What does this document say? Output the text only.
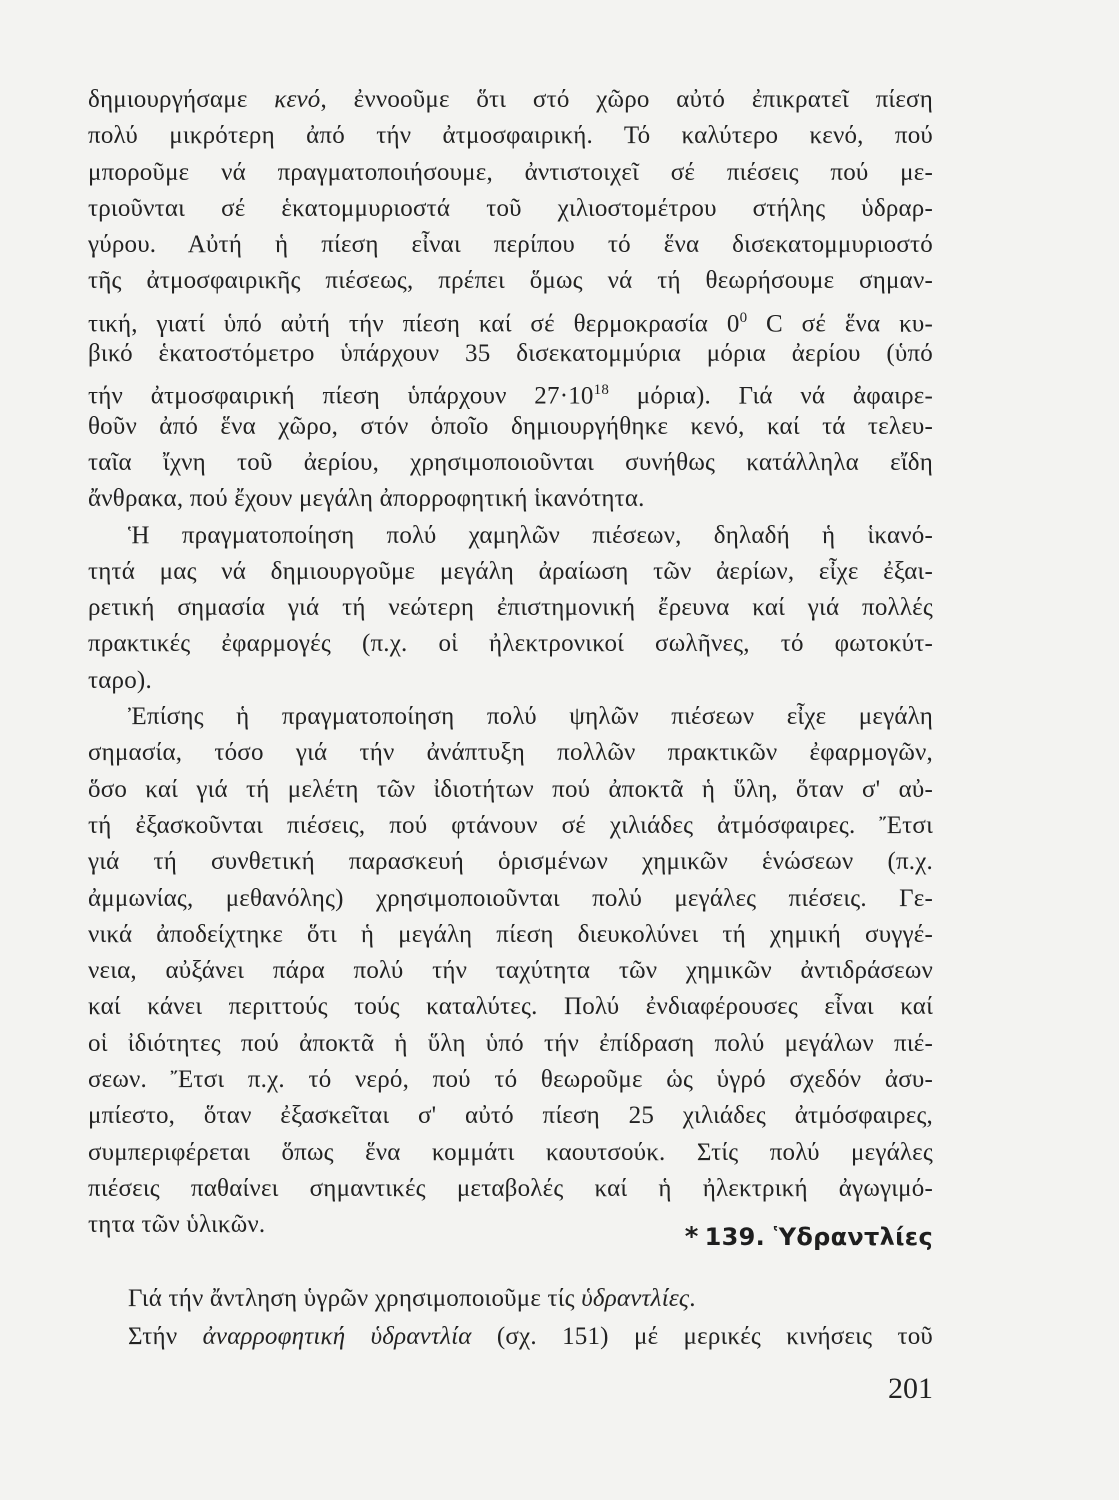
δημιουργήσαμε κενό, ἐννοοῦμε ὅτι στό χῶρο αὐτό ἐπικρατεῖ πίεση
πολύ μικρότερη ἀπό τήν ἀτμοσφαιρική. Τό καλύτερο κενό, πού
μποροῦμε νά πραγματοποιήσουμε, ἀντιστοιχεῖ σέ πιέσεις πού με-
τριοῦνται σέ ἑκατομμυριοστά τοῦ χιλιοστομέτρου στήλης ὑδραρ-
γύρου. Αὐτή ἡ πίεση εἶναι περίπου τό ἕνα δισεκατομμυριοστό
τῆς ἀτμοσφαιρικῆς πιέσεως, πρέπει ὅμως νά τή θεωρήσουμε σημαν-
τική, γιατί ὑπό αὐτή τήν πίεση καί σέ θερμοκρασία $0^0$ C σέ ἕνα κυ-
βικό ἑκατοστόμετρο ὑπάρχουν 35 δισεκατομμύρια μόρια ἀερίου (ὑπό
τήν ἀτμοσφαιρική πίεση ὑπάρχουν $27\cdot 10^{18}$ μόρια). Γιά νά ἀφαιρε-
θοῦν ἀπό ἕνα χῶρο, στόν ὁποῖο δημιουργήθηκε κενό, καί τά τελευ-
ταῖα ἴχνη τοῦ ἀερίου, χρησιμοποιοῦνται συνήθως κατάλληλα εἴδη
ἄνθρακα, πού ἔχουν μεγάλη ἀπορροφητική ἱκανότητα.
Ἡ πραγματοποίηση πολύ χαμηλῶν πιέσεων, δηλαδή ἡ ἱκανό-
τητά μας νά δημιουργοῦμε μεγάλη ἀραίωση τῶν ἀερίων, εἶχε ἐξαι-
ρετική σημασία γιά τή νεώτερη ἐπιστημονική ἔρευνα καί γιά πολλές
πρακτικές ἐφαρμογές (π.χ. οἱ ἠλεκτρονικοί σωλῆνες, τό φωτοκύτ-
ταρο).
Ἐπίσης ἡ πραγματοποίηση πολύ ψηλῶν πιέσεων εἶχε μεγάλη
σημασία, τόσο γιά τήν ἀνάπτυξη πολλῶν πρακτικῶν ἐφαρμογῶν,
ὅσο καί γιά τή μελέτη τῶν ἰδιοτήτων πού ἀποκτᾶ ἡ ὕλη, ὅταν σ' αὐ-
τή ἐξασκοῦνται πιέσεις, πού φτάνουν σέ χιλιάδες ἀτμόσφαιρες. Ἔτσι
γιά τή συνθετική παρασκευή ὁρισμένων χημικῶν ἑνώσεων (π.χ.
ἀμμωνίας, μεθανόλης) χρησιμοποιοῦνται πολύ μεγάλες πιέσεις. Γε-
νικά ἀποδείχτηκε ὅτι ἡ μεγάλη πίεση διευκολύνει τή χημική συγγέ-
νεια, αὐξάνει πάρα πολύ τήν ταχύτητα τῶν χημικῶν ἀντιδράσεων
καί κάνει περιττούς τούς καταλύτες. Πολύ ἐνδιαφέρουσες εἶναι καί
οἱ ἰδιότητες πού ἀποκτᾶ ἡ ὕλη ὑπό τήν ἐπίδραση πολύ μεγάλων πιέ-
σεων. Ἔτσι π.χ. τό νερό, πού τό θεωροῦμε ὡς ὑγρό σχεδόν ἀσυ-
μπίεστο, ὅταν ἐξασκεῖται σ' αὐτό πίεση 25 χιλιάδες ἀτμόσφαιρες,
συμπεριφέρεται ὅπως ἕνα κομμάτι καουτσούκ. Στίς πολύ μεγάλες
πιέσεις παθαίνει σημαντικές μεταβολές καί ἡ ἠλεκτρική ἀγωγιμό-
τητα τῶν ὑλικῶν.	* 139. Ὑδραντλίες
Γιά τήν ἄντληση ὑγρῶν χρησιμοποιοῦμε τίς ὑδραντλίες.
Στήν ἀναρροφητική ὑδραντλία (σχ. 151) μέ μερικές κινήσεις τοῦ
201
